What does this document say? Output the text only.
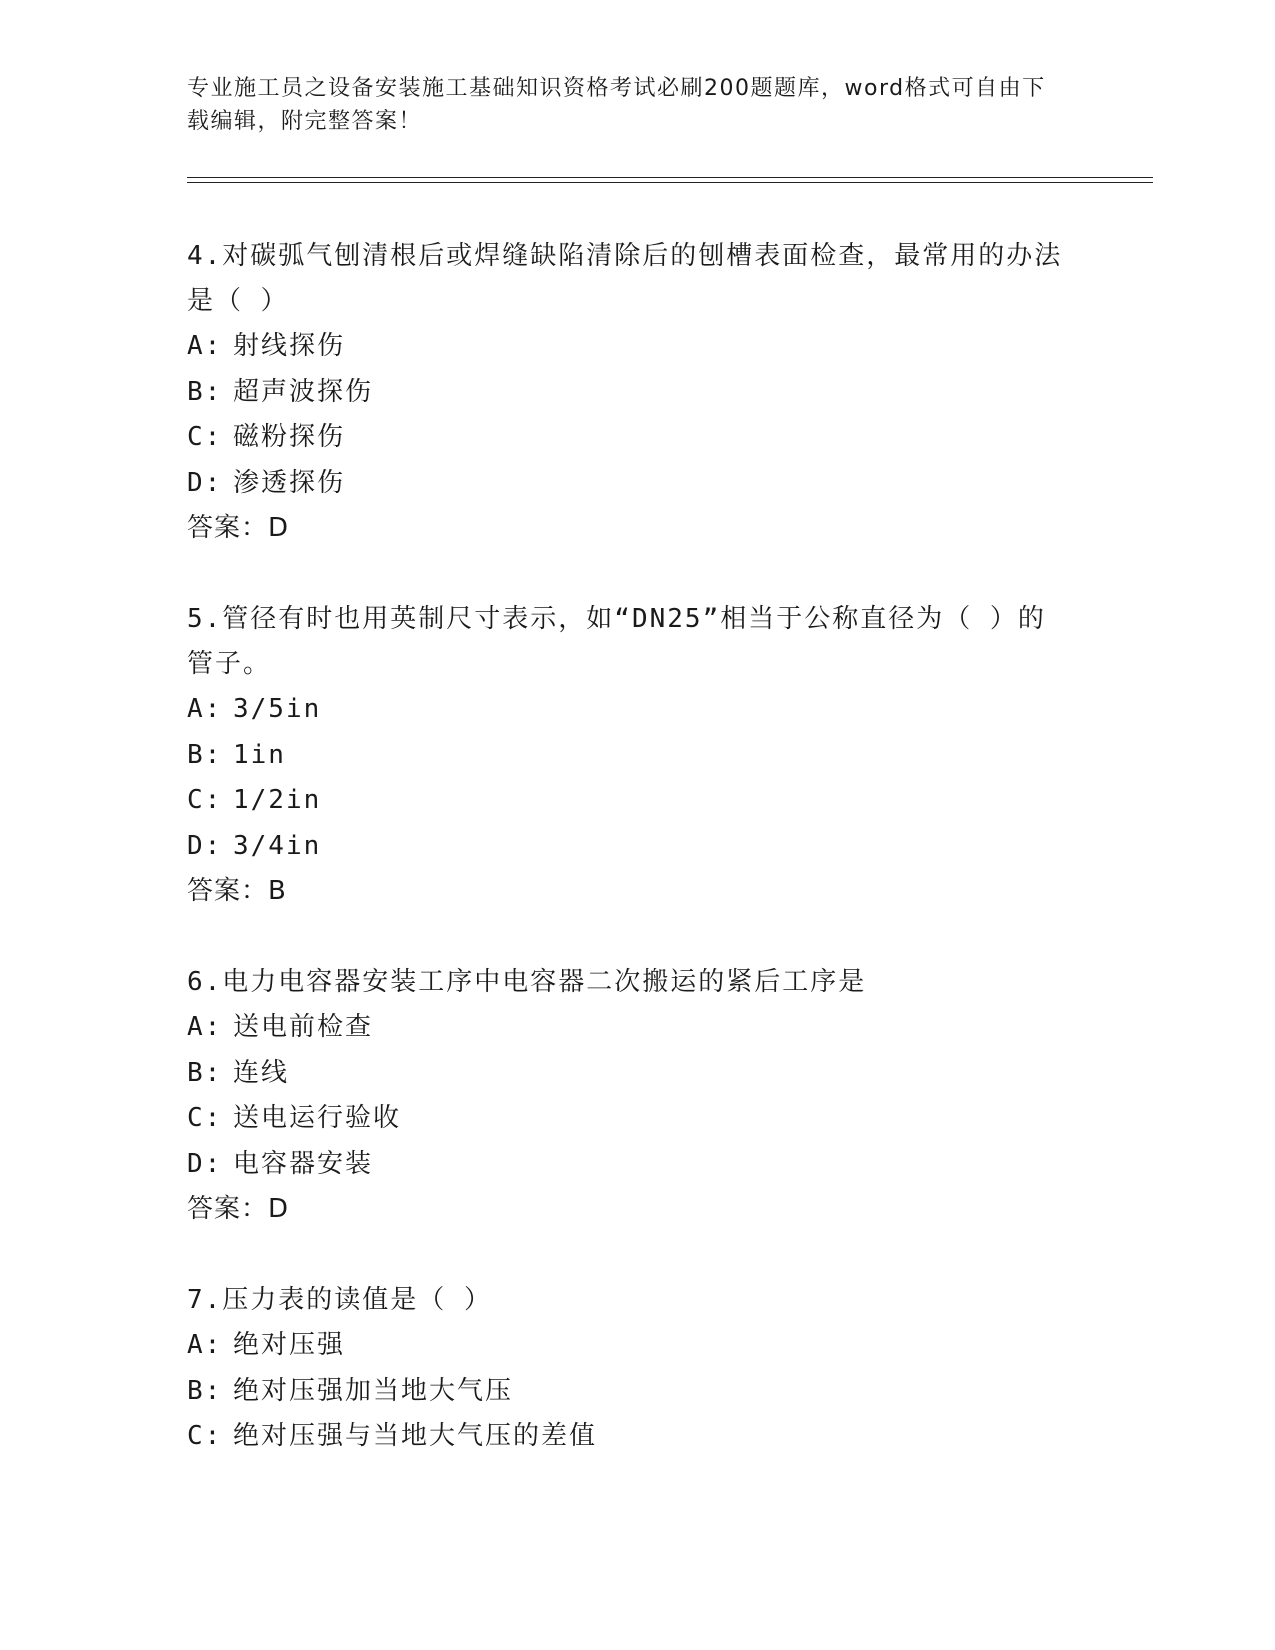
专业施工员之设备安装施工基础知识资格考试必刷200题题库，word格式可自由下载编辑，附完整答案！

4.对碳弧气刨清根后或焊缝缺陷清除后的刨槽表面检查，最常用的办法是（ ）

A: 射线探伤

B: 超声波探伤

C: 磁粉探伤

D: 渗透探伤

答案：D

5.管径有时也用英制尺寸表示，如“DN25”相当于公称直径为（ ）的管子。

A: 3/5in

B: 1in

C: 1/2in

D: 3/4in

答案：B

6.电力电容器安装工序中电容器二次搬运的紧后工序是

A: 送电前检查

B: 连线

C: 送电运行验收

D: 电容器安装

答案：D

7.压力表的读值是（ ）

A: 绝对压强

B: 绝对压强加当地大气压

C: 绝对压强与当地大气压的差值
